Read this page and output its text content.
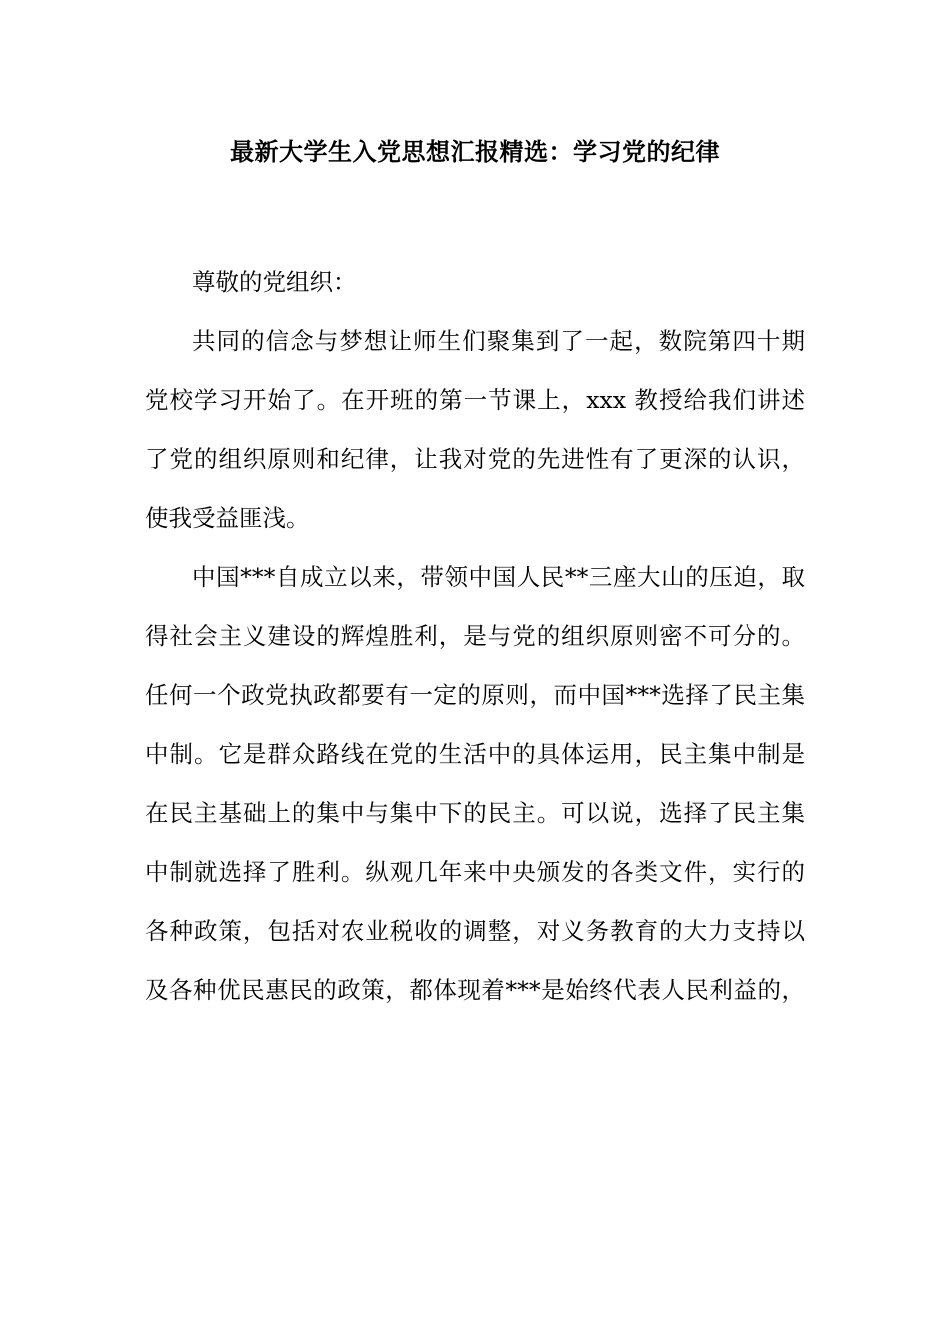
最新大学生入党思想汇报精选：学习党的纪律
尊敬的党组织：
共同的信念与梦想让师生们聚集到了一起，数院第四十期
党校学习开始了。在开班的第一节课上，xxx 教授给我们讲述
了党的组织原则和纪律，让我对党的先进性有了更深的认识，
使我受益匪浅。
中国***自成立以来，带领中国人民**三座大山的压迫，取
得社会主义建设的辉煌胜利，是与党的组织原则密不可分的。
任何一个政党执政都要有一定的原则，而中国***选择了民主集
中制。它是群众路线在党的生活中的具体运用，民主集中制是
在民主基础上的集中与集中下的民主。可以说，选择了民主集
中制就选择了胜利。纵观几年来中央颁发的各类文件，实行的
各种政策，包括对农业税收的调整，对义务教育的大力支持以
及各种优民惠民的政策，都体现着***是始终代表人民利益的，
